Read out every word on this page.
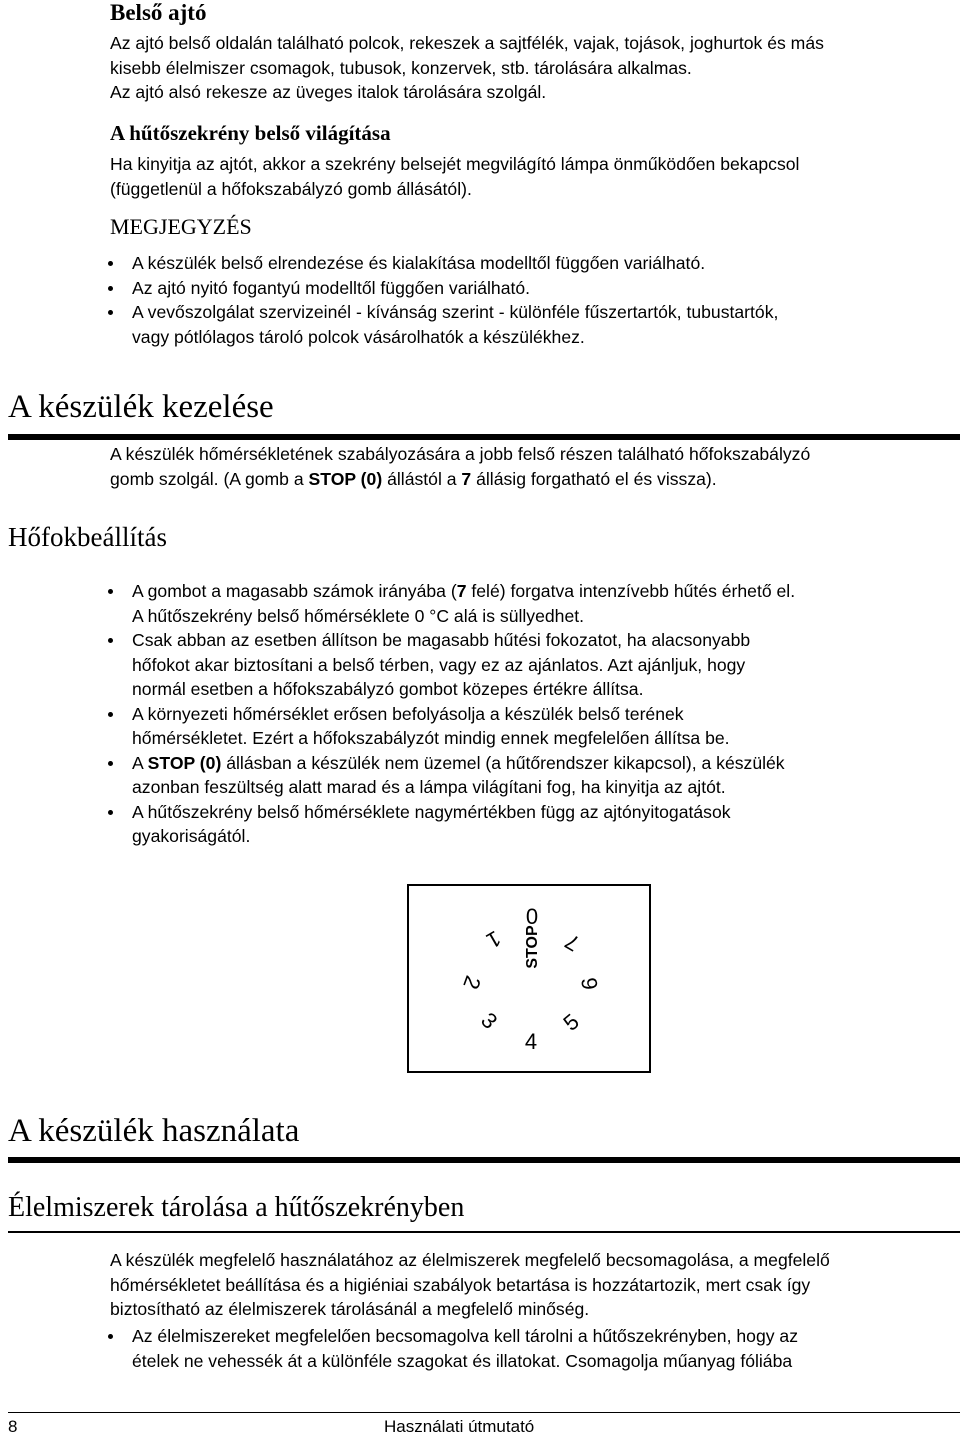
Belső ajtó

Az ajtó belső oldalán található polcok, rekeszek a sajtfélék, vajak, tojások, joghurtok és más

kisebb élelmiszer csomagok, tubusok, konzervek, stb. tárolására alkalmas.

Az ajtó alsó rekesze az üveges italok tárolására szolgál.

A hűtőszekrény belső világítása

Ha kinyitja az ajtót, akkor a szekrény belsejét megvilágító lámpa önműködően bekapcsol

(függetlenül a hőfokszabályzó gomb állásától).

MEGJEGYZÉS
A készülék belső elrendezése és kialakítása modelltől függően variálható.
Az ajtó nyitó fogantyú modelltől függően variálható.
A vevőszolgálat szervizeinél - kívánság szerint - különféle fűszertartók, tubustartók,
vagy pótlólagos tároló polcok vásárolhatók a készülékhez.
A készülék kezelése

A készülék hőmérsékletének szabályozására a jobb felső részen található hőfokszabályzó

gomb szolgál. (A gomb a STOP (0) állástól a 7 állásig forgatható el és vissza).

Hőfokbeállítás
A gombot a magasabb számok irányába (7 felé) forgatva intenzívebb hűtés érhető el.
A hűtőszekrény belső hőmérséklete 0 °C alá is süllyedhet.
Csak abban az esetben állítson be magasabb hűtési fokozatot, ha alacsonyabb
hőfokot akar biztosítani a belső térben, vagy ez az ajánlatos. Azt ajánljuk, hogy
normál esetben a hőfokszabályzó gombot közepes értékre állítsa.
A környezeti hőmérséklet erősen befolyásolja a készülék belső terének
hőmérsékletet. Ezért a hőfokszabályzót mindig ennek megfelelően állítsa be.
A STOP (0) állásban a készülék nem üzemel (a hűtőrendszer kikapcsol), a készülék
azonban feszültség alatt marad és a lámpa világítani fog, ha kinyitja az ajtót.
A hűtőszekrény belső hőmérséklete nagymértékben függ az ajtónyitogatások
gyakoriságától.
0
1
2
3
4
5
6
7
STOP
A készülék használata
Élelmiszerek tárolása a hűtőszekrényben

A készülék megfelelő használatához az élelmiszerek megfelelő becsomagolása, a megfelelő

hőmérsékletet beállítása és a higiéniai szabályok betartása is hozzátartozik, mert csak így

biztosítható az élelmiszerek tárolásánál a megfelelő minőség.

Az élelmiszereket megfelelően becsomagolva kell tárolni a hűtőszekrényben, hogy az
ételek ne vehessék át a különféle szagokat és illatokat. Csomagolja műanyag fóliába
8	Használati útmutató
